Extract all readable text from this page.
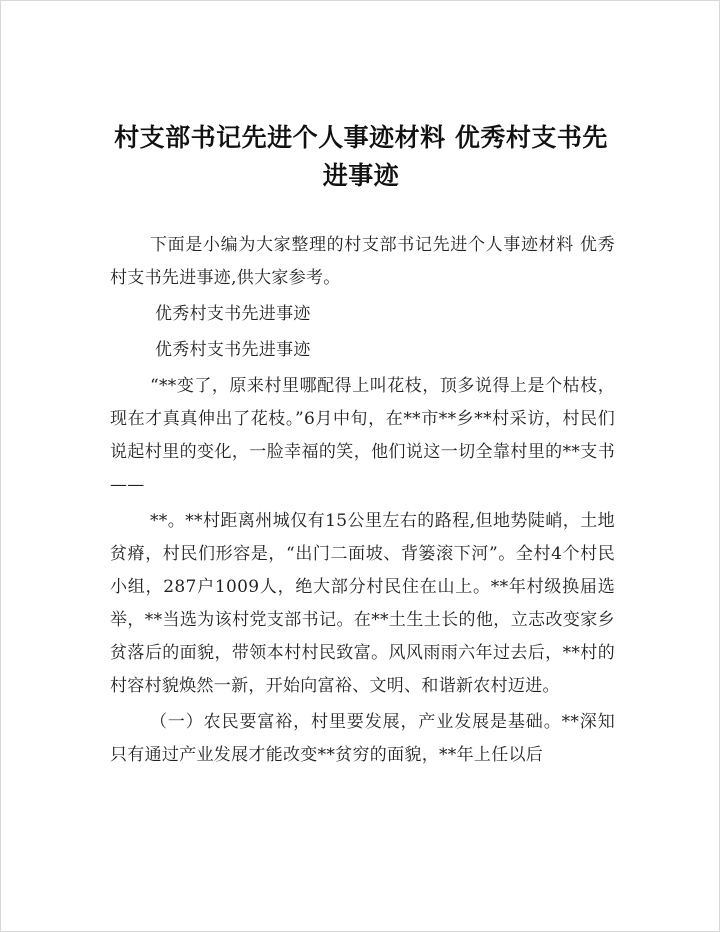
村支部书记先进个人事迹材料 优秀村支书先
进事迹

下面是小编为大家整理的村支部书记先进个人事迹材料 优秀村支书先进事迹,供大家参考。

优秀村支书先进事迹

优秀村支书先进事迹

“**变了，原来村里哪配得上叫花枝，顶多说得上是个枯枝，现在才真真伸出了花枝。”6月中旬，在**市**乡**村采访，村民们说起村里的变化，一脸幸福的笑，他们说这一切全靠村里的**支书——

**。**村距离州城仅有15公里左右的路程,但地势陡峭，土地贫瘠，村民们形容是，“出门二面坡、背篓滚下河”。全村4个村民小组，287户1009人，绝大部分村民住在山上。**年村级换届选举，**当选为该村党支部书记。在**土生土长的他，立志改变家乡贫落后的面貌，带领本村村民致富。风风雨雨六年过去后，**村的村容村貌焕然一新，开始向富裕、文明、和谐新农村迈进。

（一）农民要富裕，村里要发展，产业发展是基础。**深知只有通过产业发展才能改变**贫穷的面貌，**年上任以后
